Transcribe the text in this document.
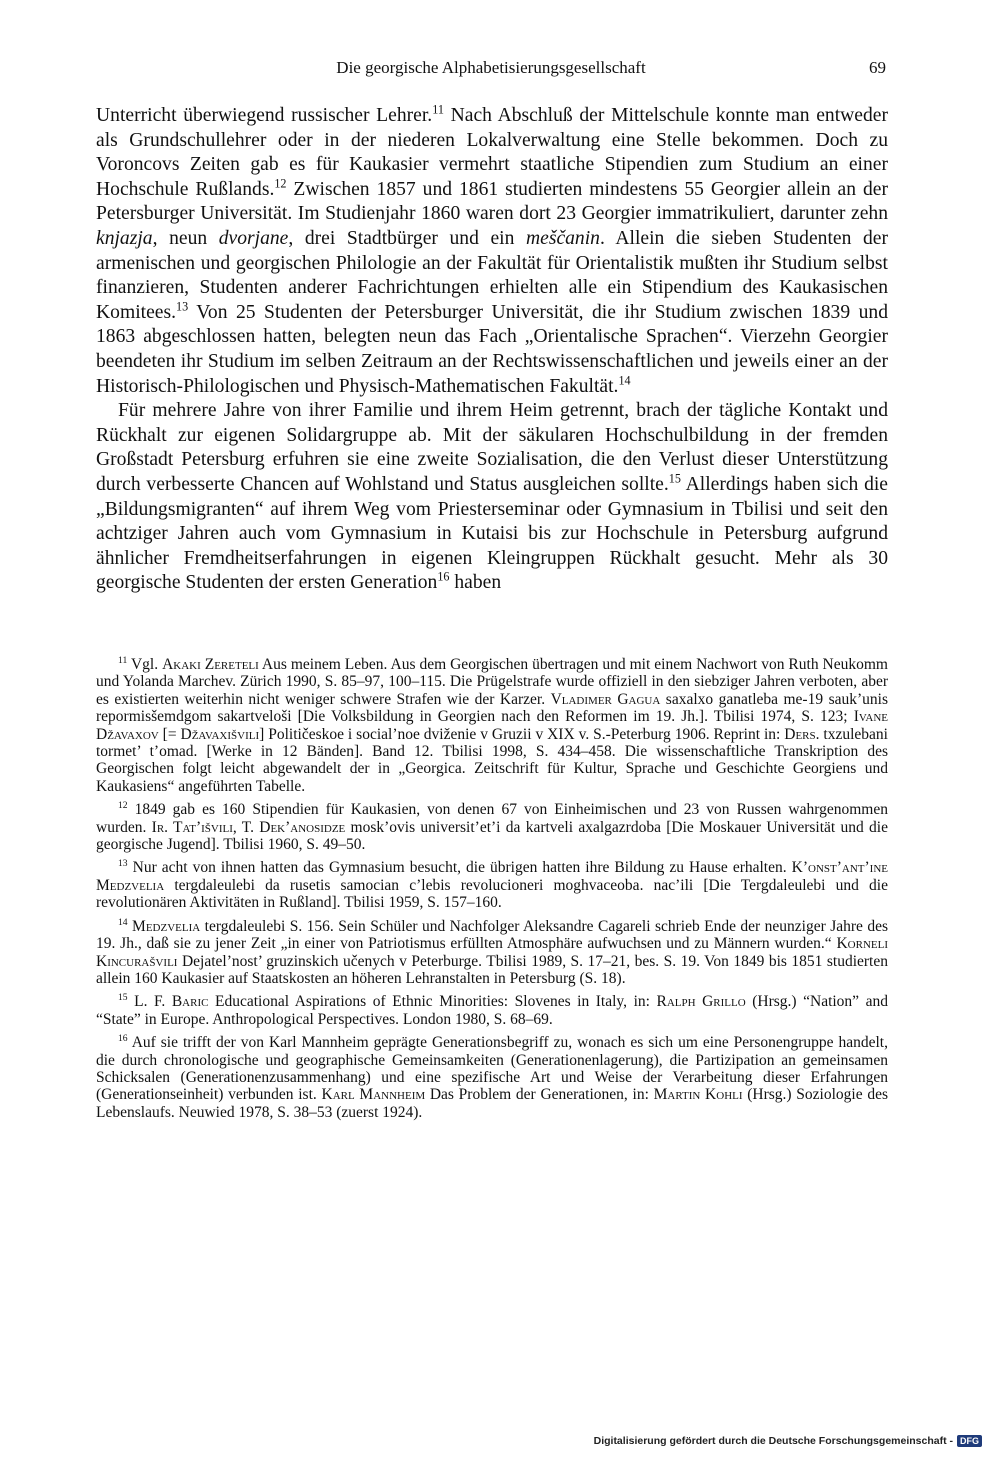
Die georgische Alphabetisierungsgesellschaft	69

Unterricht überwiegend russischer Lehrer.$^{11}$ Nach Abschluß der Mittelschule konnte man entweder als Grundschullehrer oder in der niederen Lokalverwaltung eine Stelle bekommen. Doch zu Voroncovs Zeiten gab es für Kaukasier vermehrt staatliche Stipendien zum Studium an einer Hochschule Rußlands.$^{12}$ Zwischen 1857 und 1861 studierten mindestens 55 Georgier allein an der Petersburger Universität. Im Studienjahr 1860 waren dort 23 Georgier immatrikuliert, darunter zehn knjazja, neun dvorjane, drei Stadtbürger und ein meščanin. Allein die sieben Studenten der armenischen und georgischen Philologie an der Fakultät für Orientalistik mußten ihr Studium selbst finanzieren, Studenten anderer Fachrichtungen erhielten alle ein Stipendium des Kaukasischen Komitees.$^{13}$ Von 25 Studenten der Petersburger Universität, die ihr Studium zwischen 1839 und 1863 abgeschlossen hatten, belegten neun das Fach „Orientalische Sprachen“. Vierzehn Georgier beendeten ihr Studium im selben Zeitraum an der Rechtswissenschaftlichen und jeweils einer an der Historisch-Philologischen und Physisch-Mathematischen Fakultät.$^{14}$

Für mehrere Jahre von ihrer Familie und ihrem Heim getrennt, brach der tägliche Kontakt und Rückhalt zur eigenen Solidargruppe ab. Mit der säkularen Hochschulbildung in der fremden Großstadt Petersburg erfuhren sie eine zweite Sozialisation, die den Verlust dieser Unterstützung durch verbesserte Chancen auf Wohlstand und Status ausgleichen sollte.$^{15}$ Allerdings haben sich die „Bildungsmigranten“ auf ihrem Weg vom Priesterseminar oder Gymnasium in Tbilisi und seit den achtziger Jahren auch vom Gymnasium in Kutaisi bis zur Hochschule in Petersburg aufgrund ähnlicher Fremdheitserfahrungen in eigenen Kleingruppen Rückhalt gesucht. Mehr als 30 georgische Studenten der ersten Generation$^{16}$ haben

$^{11}$ Vgl. Akaki Zereteli Aus meinem Leben. Aus dem Georgischen übertragen und mit einem Nachwort von Ruth Neukomm und Yolanda Marchev. Zürich 1990, S. 85–97, 100–115. Die Prügelstrafe wurde offiziell in den siebziger Jahren verboten, aber es existierten weiterhin nicht weniger schwere Strafen wie der Karzer. Vladimer Gagua saxalxo ganatleba me-19 sauk’unis repormisšemdgom sakartveloši [Die Volksbildung in Georgien nach den Reformen im 19. Jh.]. Tbilisi 1974, S. 123; Ivane Džavaxov [= Džavaxišvili] Političeskoe i social’noe dviženie v Gruzii v XIX v. S.-Peterburg 1906. Reprint in: Ders. txzulebani tormet’ t’omad. [Werke in 12 Bänden]. Band 12. Tbilisi 1998, S. 434–458. Die wissenschaftliche Transkription des Georgischen folgt leicht abgewandelt der in „Georgica. Zeitschrift für Kultur, Sprache und Geschichte Georgiens und Kaukasiens“ angeführten Tabelle.

$^{12}$ 1849 gab es 160 Stipendien für Kaukasien, von denen 67 von Einheimischen und 23 von Russen wahrgenommen wurden. Ir. Tat’išvili, T. Dek’anosidze mosk’ovis universit’et’i da kartveli axalgazrdoba [Die Moskauer Universität und die georgische Jugend]. Tbilisi 1960, S. 49–50.

$^{13}$ Nur acht von ihnen hatten das Gymnasium besucht, die übrigen hatten ihre Bildung zu Hause erhalten. K’onst’ant’ine Medzvelia tergdaleulebi da rusetis samocian c’lebis revolucioneri moghvaceoba. nac’ili [Die Tergdaleulebi und die revolutionären Aktivitäten in Rußland]. Tbilisi 1959, S. 157–160.

$^{14}$ Medzvelia tergdaleulebi S. 156. Sein Schüler und Nachfolger Aleksandre Cagareli schrieb Ende der neunziger Jahre des 19. Jh., daß sie zu jener Zeit „in einer von Patriotismus erfüllten Atmosphäre aufwuchsen und zu Männern wurden.“ Korneli Kincurašvili Dejatel’nost’ gruzinskich učenych v Peterburge. Tbilisi 1989, S. 17–21, bes. S. 19. Von 1849 bis 1851 studierten allein 160 Kaukasier auf Staatskosten an höheren Lehranstalten in Petersburg (S. 18).

$^{15}$ L. F. Baric Educational Aspirations of Ethnic Minorities: Slovenes in Italy, in: Ralph Grillo (Hrsg.) “Nation” and “State” in Europe. Anthropological Perspectives. London 1980, S. 68–69.

$^{16}$ Auf sie trifft der von Karl Mannheim geprägte Generationsbegriff zu, wonach es sich um eine Personengruppe handelt, die durch chronologische und geographische Gemeinsamkeiten (Generationenlagerung), die Partizipation an gemeinsamen Schicksalen (Generationenzusammenhang) und eine spezifische Art und Weise der Verarbeitung dieser Erfahrungen (Generationseinheit) verbunden ist. Karl Mannheim Das Problem der Generationen, in: Martin Kohli (Hrsg.) Soziologie des Lebenslaufs. Neuwied 1978, S. 38–53 (zuerst 1924).

Digitalisierung gefördert durch die Deutsche Forschungsgemeinschaft - DFG
